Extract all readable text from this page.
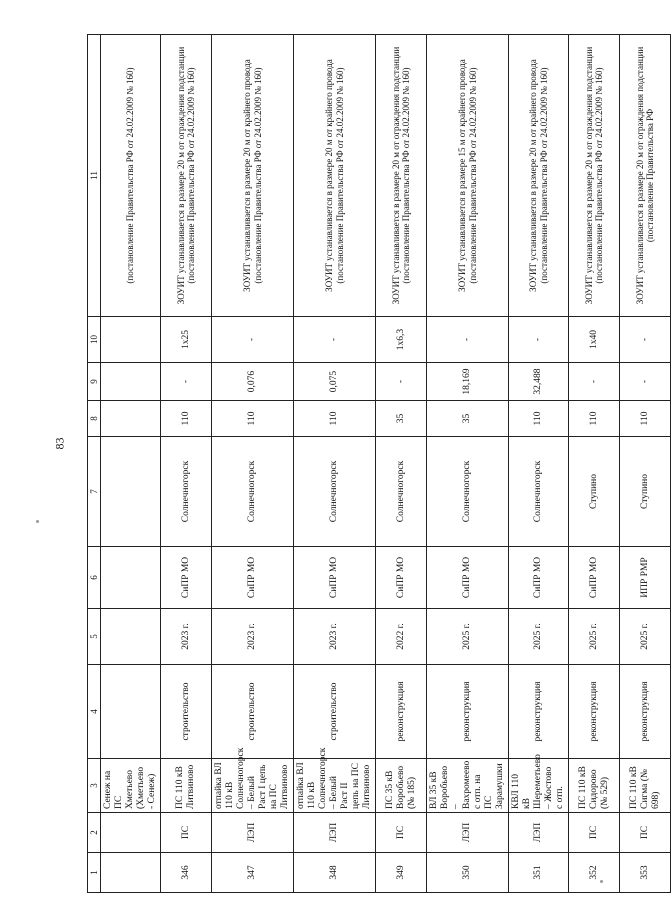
83
1	2	3	4	5	6	7	8	9	10	11
		Сенеж на ПС Хметьево (Хметьево - Сенеж)								(постановление Правительства РФ от 24.02.2009 № 160)
346	ПС	ПС 110 кВ Литвиново	строительство	2023 г.	СиПР МО	Солнечногорск	110	-	1х25	ЗОУИТ устанавливается в размере 20 м от ограждения подстанции (постановление Правительства РФ от 24.02.2009 № 160)
347	ЛЭП	отпайка ВЛ 110 кВ Солнечногорск – Белый Раст I цепь на ПС Литвиново	строительство	2023 г.	СиПР МО	Солнечногорск	110	0,076	-	ЗОУИТ устанавливается в размере 20 м от крайнего провода (постановление Правительства РФ от 24.02.2009 № 160)
348	ЛЭП	отпайка ВЛ 110 кВ Солнечногорск – Белый Раст II цепь на ПС Литвиново	строительство	2023 г.	СиПР МО	Солнечногорск	110	0,075	-	ЗОУИТ устанавливается в размере 20 м от крайнего провода (постановление Правительства РФ от 24.02.2009 № 160)
349	ПС	ПС 35 кВ Воробьево (№ 185)	реконструкция	2022 г.	СиПР МО	Солнечногорск	35	-	1х6,3	ЗОУИТ устанавливается в размере 20 м от ограждения подстанции (постановление Правительства РФ от 24.02.2009 № 160)
350	ЛЭП	ВЛ 35 кВ Воробьево – Вахромеево с отп. на ПС Зарамушки	реконструкция	2025 г.	СиПР МО	Солнечногорск	35	18,169	-	ЗОУИТ устанавливается в размере 15 м от крайнего провода (постановление Правительства РФ от 24.02.2009 № 160)
351	ЛЭП	КВЛ 110 кВ Шереметьево – Жостово с отп.	реконструкция	2025 г.	СиПР МО	Солнечногорск	110	32,488	-	ЗОУИТ устанавливается в размере 20 м от крайнего провода (постановление Правительства РФ от 24.02.2009 № 160)
352	ПС	ПС 110 кВ Сидорово (№ 529)	реконструкция	2025 г.	СиПР МО	Ступино	110	-	1х40	ЗОУИТ устанавливается в размере 20 м от ограждения подстанции (постановление Правительства РФ от 24.02.2009 № 160)
353	ПС	ПС 110 кВ Сигма (№ 698)	реконструкция	2025 г.	ИПР РМР	Ступино	110	-	-	ЗОУИТ устанавливается в размере 20 м от ограждения подстанции (постановление Правительства РФ
